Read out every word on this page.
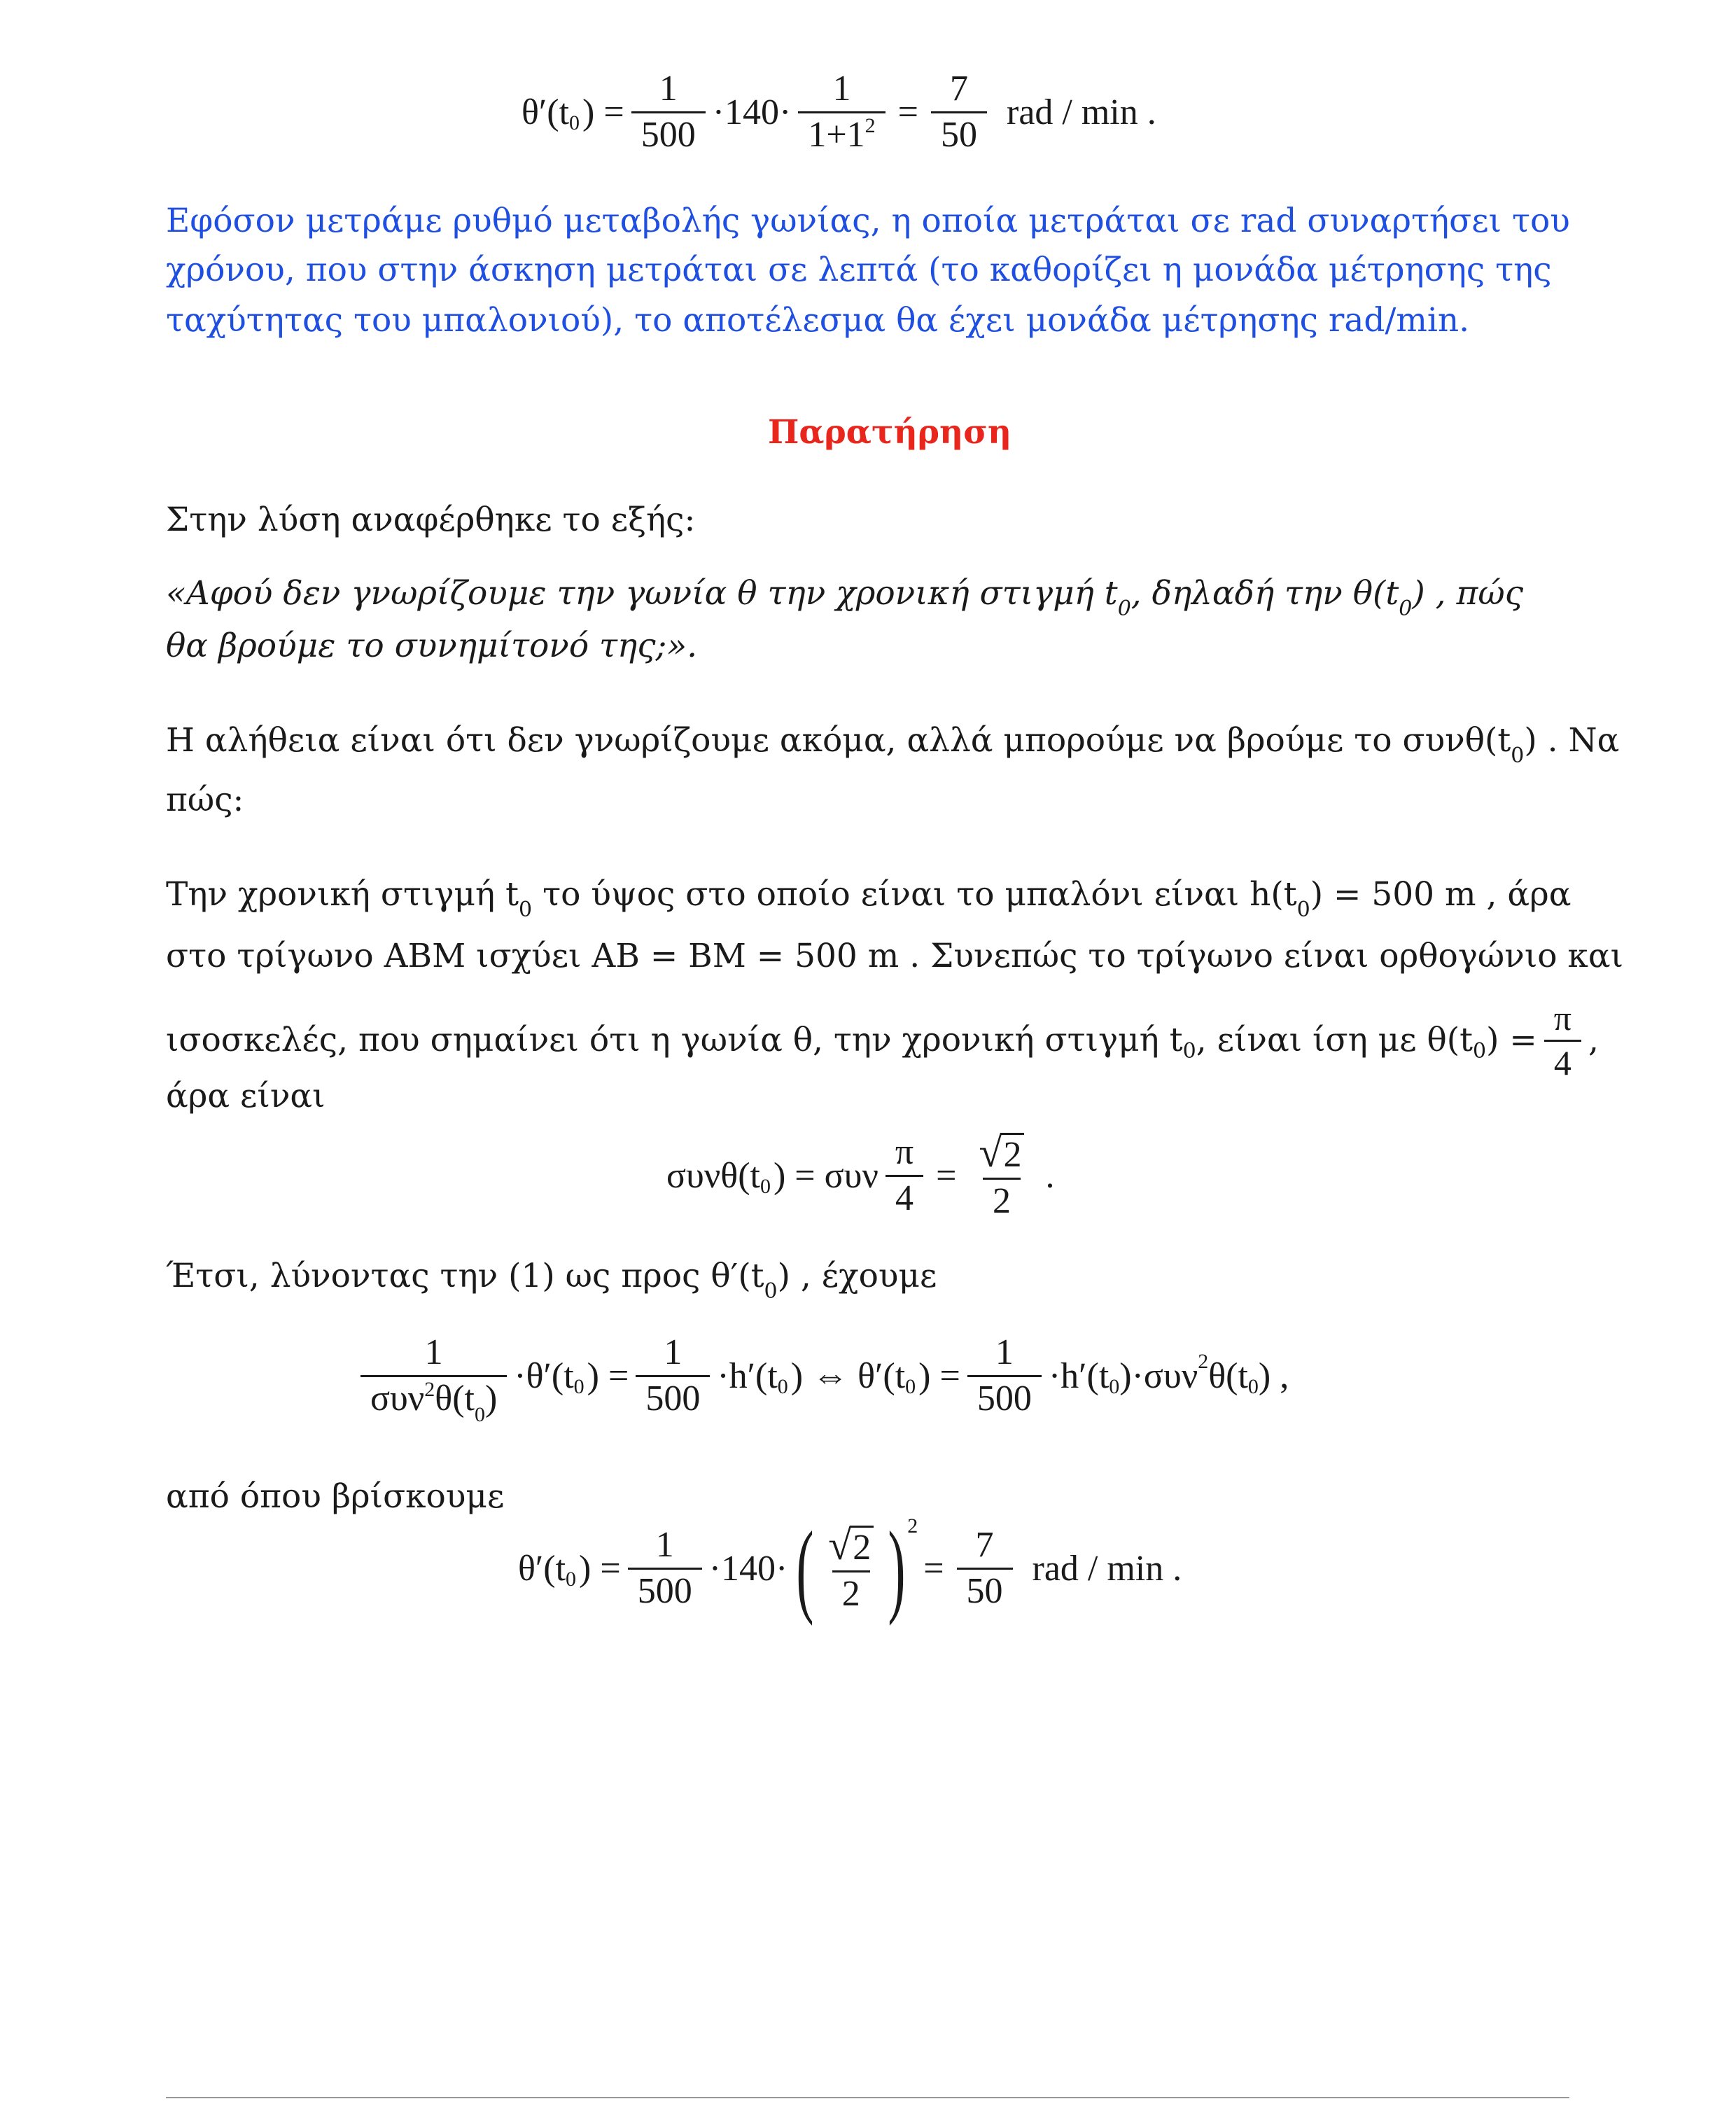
θ′(t 0 ) = $\frac{1}{500} \cdot 140\cdot \frac{1}{1+1^2} = \frac{7}{50}$ rad / min .
Εφόσον μετράμε ρυθμό μεταβολής γωνίας, η οποία μετράται σε rad συναρτήσει του
χρόνου, που στην άσκηση μετράται σε λεπτά (το καθορίζει η μονάδα μέτρησης της
ταχύτητας του μπαλονιού), το αποτέλεσμα θα έχει μονάδα μέτρησης rad/min.
Παρατήρηση
Στην λύση αναφέρθηκε το εξής:
«Αφού δεν γνωρίζουμε την γωνία θ την χρονική στιγμή $t_0$, δηλαδή την $\theta(t_0)$ , πώς
θα βρούμε το συνημίτονό της;».
Η αλήθεια είναι ότι δεν γνωρίζουμε ακόμα, αλλά μπορούμε να βρούμε το $\sigma\upsilon\nu\theta(t_0)$ . Να
πώς:
Την χρονική στιγμή $t_0$ το ύψος στο οποίο είναι το μπαλόνι είναι $h(t_0) = 500$ m , άρα
στο τρίγωνο ΑΒΜ ισχύει ΑΒ = ΒΜ = 500 m . Συνεπώς το τρίγωνο είναι ορθογώνιο και
ισοσκελές, που σημαίνει ότι η γωνία θ, την χρονική στιγμή t 0 , είναι ίση με θ(t 0 ) = $\frac{\pi}{4}$ ,
άρα είναι
συνθ(t 0 ) = συν $\frac{\pi}{4} = \frac{√ 2}{2}$ .
Έτσι, λύνοντας την (1) ως προς $\theta'(t_0)$ , έχουμε
$\frac{1}{\sigma\upsilon\nu^2\theta(t_0)} \cdot\theta'(t$ 0 ) = $\frac{1}{500} \cdot h'(t$ 0 ) ⇔ θ′(t 0 ) = $\frac{1}{500} \cdot h'(t$ 0 )·συν 2 θ(t 0 ) ,
από όπου βρίσκουμε
θ′(t 0 ) = $\frac{1}{500} \cdot 140\cdot$ ( $\frac{√ 2}{2}$ ) 2
= $\frac{7}{50}$ rad / min .
